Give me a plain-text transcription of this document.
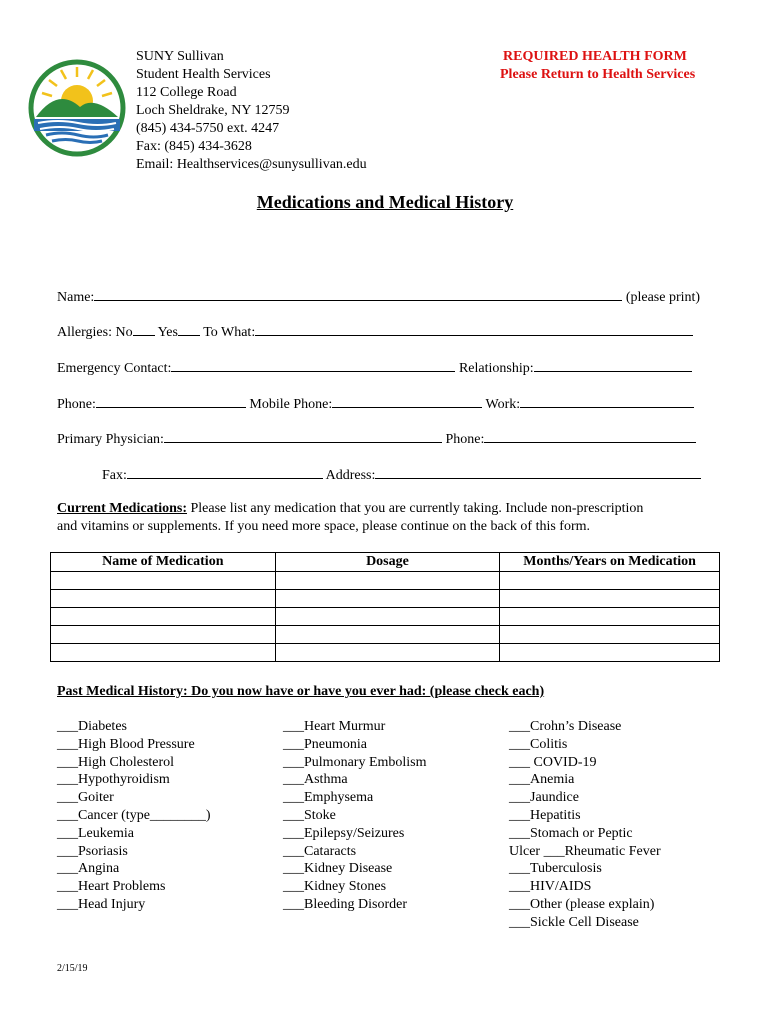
SUNY Sullivan
Student Health Services
112 College Road
Loch Sheldrake, NY 12759
(845) 434-5750 ext. 4247
Fax: (845) 434-3628
Email: Healthservices@sunysullivan.edu
REQUIRED HEALTH FORM
Please Return to Health Services
Medications and Medical History
Name:	(please print)
Allergies: No Yes To What:
Emergency Contact:	Relationship:
Phone:	Mobile Phone:	Work:
Primary Physician:	Phone:
Fax:	Address:
Current Medications: Please list any medication that you are currently taking. Include non-prescription
and vitamins or supplements. If you need more space, please continue on the back of this form.
Name of Medication	Dosage	Months/Years on Medication

Past Medical History: Do you now have or have you ever had: (please check each)
___Diabetes
___High Blood Pressure
___High Cholesterol
___Hypothyroidism
___Goiter
___Cancer (type________)
___Leukemia
___Psoriasis
___Angina
___Heart Problems
___Head Injury
___Heart Murmur
___Pneumonia
___Pulmonary Embolism
___Asthma
___Emphysema
___Stoke
___Epilepsy/Seizures
___Cataracts
___Kidney Disease
___Kidney Stones
___Bleeding Disorder
___Crohn’s Disease
___Colitis
___ COVID-19
___Anemia
___Jaundice
___Hepatitis
___Stomach or Peptic
Ulcer ___Rheumatic Fever
___Tuberculosis
___HIV/AIDS
___Other (please explain)
___Sickle Cell Disease
2/15/19
